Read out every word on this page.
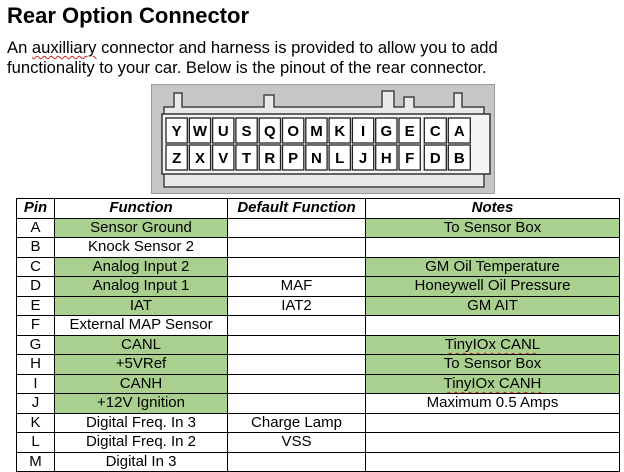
Rear Option Connector

An auxilliary connector and harness is provided to allow you to add

functionality to your car. Below is the pinout of the rear connector.

Y W U S Q O M K I G E C A
Z X V T R P N L J H F D B
Pin	Function	Default Function	Notes
A	Sensor Ground		To Sensor Box
B	Knock Sensor 2		
C	Analog Input 2		GM Oil Temperature
D	Analog Input 1	MAF	Honeywell Oil Pressure
E	IAT	IAT2	GM AIT
F	External MAP Sensor		
G	CANL		TinyIOx CANL
H	+5VRef		To Sensor Box
I	CANH		TinyIOx CANH
J	+12V Ignition		Maximum 0.5 Amps
K	Digital Freq. In 3	Charge Lamp	
L	Digital Freq. In 2	VSS	
M	Digital In 3		
